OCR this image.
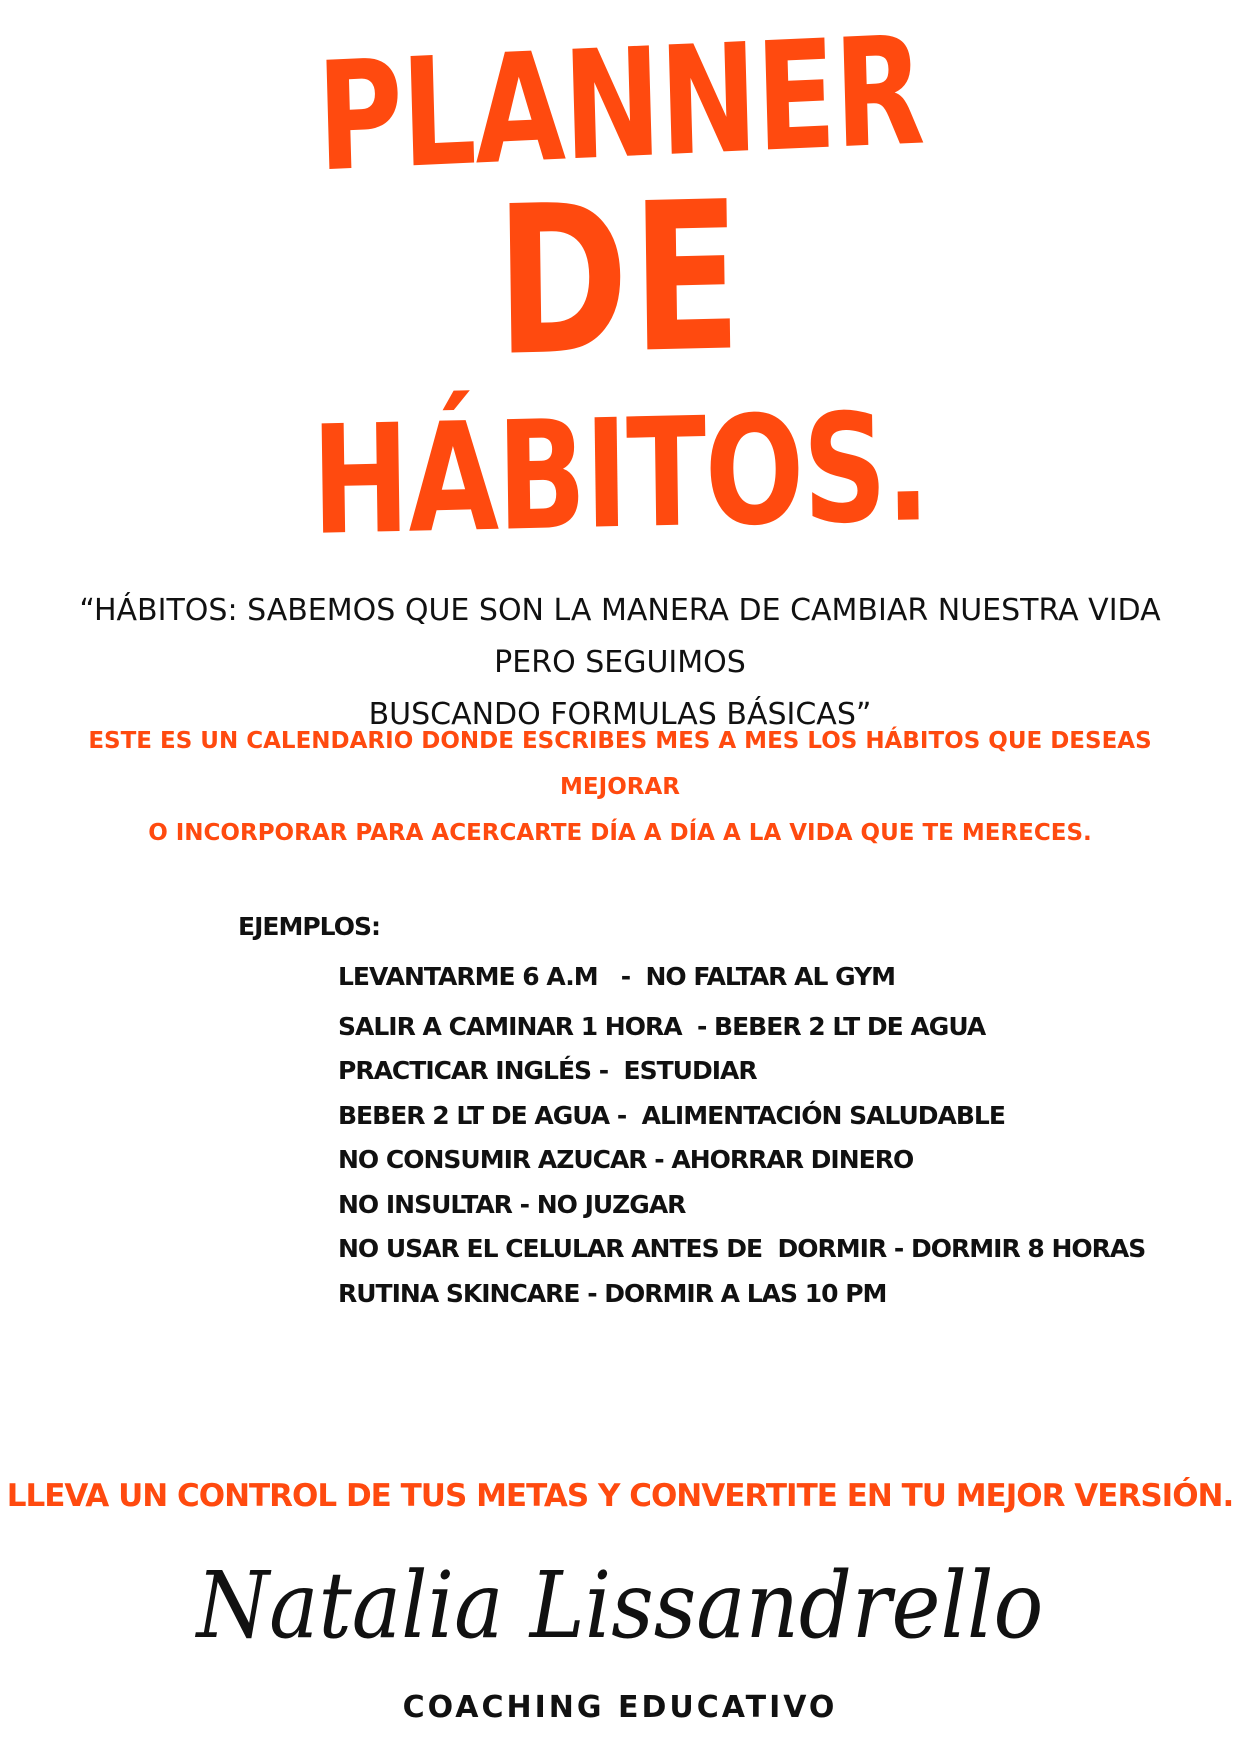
PLANNER
DE
HÁBITOS.

“HÁBITOS: SABEMOS QUE SON LA MANERA DE CAMBIAR NUESTRA VIDA PERO SEGUIMOS
BUSCANDO FORMULAS BÁSICAS”

ESTE ES UN CALENDARIO DONDE ESCRIBES MES A MES LOS HÁBITOS QUE DESEAS MEJORAR
O INCORPORAR PARA ACERCARTE DÍA A DÍA A LA VIDA QUE TE MERECES.

EJEMPLOS:

LEVANTARME 6 A.M   -  NO FALTAR AL GYM
SALIR A CAMINAR 1 HORA  - BEBER 2 LT DE AGUA
PRACTICAR INGLÉS -  ESTUDIAR
BEBER 2 LT DE AGUA -  ALIMENTACIÓN SALUDABLE
NO CONSUMIR AZUCAR - AHORRAR DINERO
NO INSULTAR - NO JUZGAR
NO USAR EL CELULAR ANTES DE  DORMIR - DORMIR 8 HORAS
RUTINA SKINCARE - DORMIR A LAS 10 PM

LLEVA UN CONTROL DE TUS METAS Y CONVERTITE EN TU MEJOR VERSIÓN.

Natalia Lissandrello

COACHING EDUCATIVO
